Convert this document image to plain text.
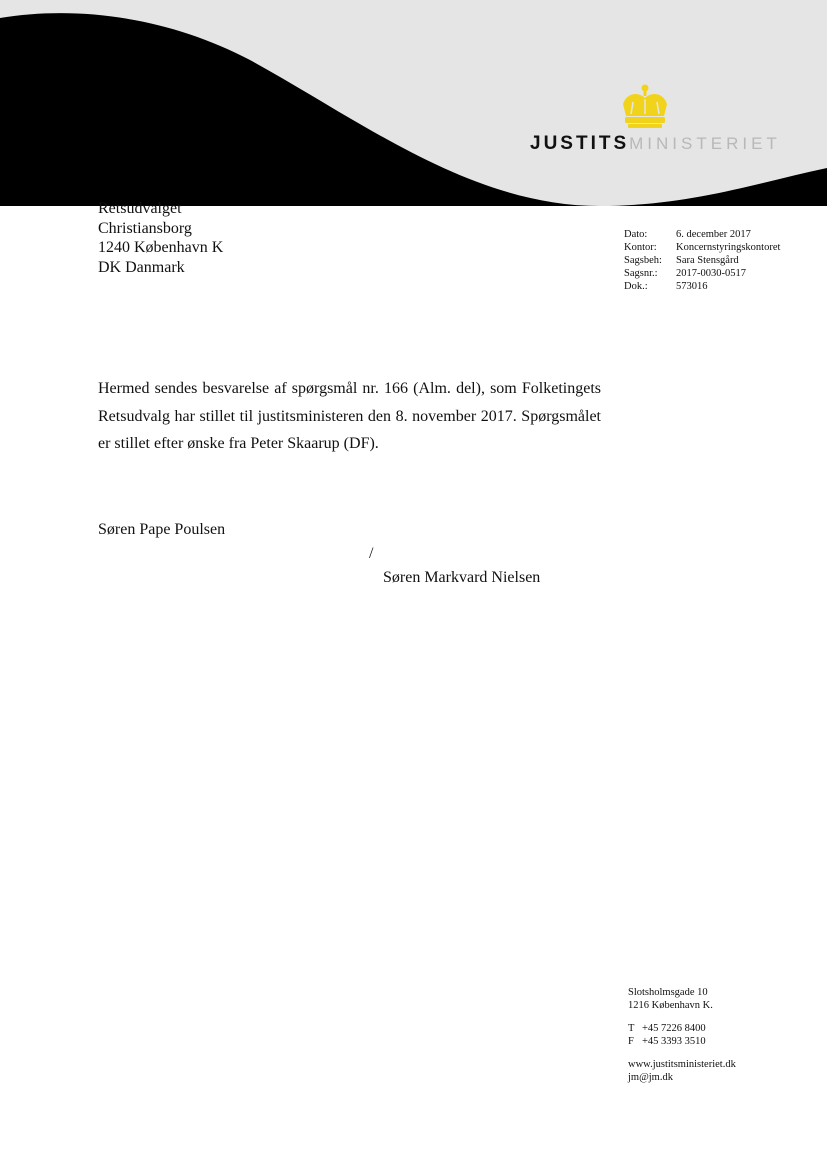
JUSTITSMINISTERIET
Retsudvalget
Christiansborg
1240 København K
DK Danmark
Dato:	6. december 2017
Kontor:	Koncernstyringskontoret
Sagsbeh:	Sara Stensgård
Sagsnr.:	2017-0030-0517
Dok.:	573016
Hermed sendes besvarelse af spørgsmål nr. 166 (Alm. del), som Folketingets Retsudvalg har stillet til justitsministeren den 8. november 2017. Spørgsmålet er stillet efter ønske fra Peter Skaarup (DF).
Søren Pape Poulsen
/
Søren Markvard Nielsen
Slotsholmsgade 10
1216 København K.
T +45 7226 8400
F +45 3393 3510
www.justitsministeriet.dk
jm@jm.dk
